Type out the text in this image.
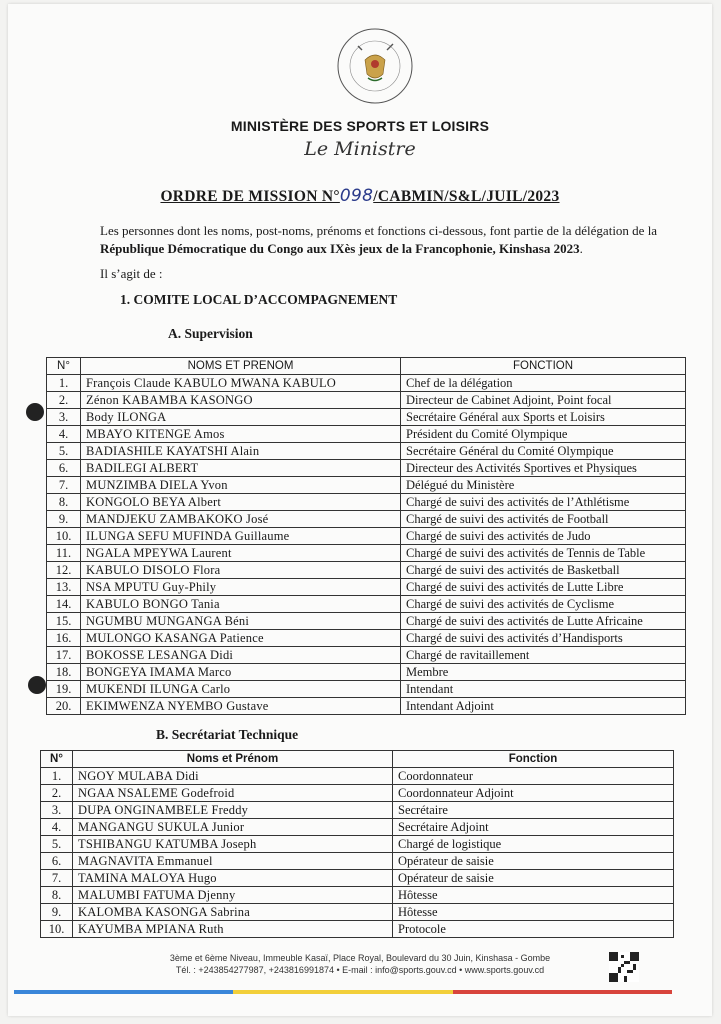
MINISTÈRE DES SPORTS ET LOISIRS
Le Ministre
ORDRE DE MISSION N°098/CABMIN/S&L/JUIL/2023
Les personnes dont les noms, post-noms, prénoms et fonctions ci-dessous, font partie de la délégation de la République Démocratique du Congo aux IXès jeux de la Francophonie, Kinshasa 2023.
Il s’agit de :
1. COMITE LOCAL D’ACCOMPAGNEMENT
A. Supervision
N°	NOMS ET PRENOM	FONCTION
1.	François Claude KABULO MWANA KABULO	Chef de la délégation
2.	Zénon KABAMBA KASONGO	Directeur de Cabinet Adjoint, Point focal
3.	Body ILONGA	Secrétaire Général aux Sports et Loisirs
4.	MBAYO KITENGE Amos	Président du Comité Olympique
5.	BADIASHILE KAYATSHI Alain	Secrétaire Général du Comité Olympique
6.	BADILEGI ALBERT	Directeur des Activités Sportives et Physiques
7.	MUNZIMBA DIELA Yvon	Délégué du Ministère
8.	KONGOLO BEYA Albert	Chargé de suivi des activités de l’Athlétisme
9.	MANDJEKU ZAMBAKOKO José	Chargé de suivi des activités de Football
10.	ILUNGA SEFU MUFINDA Guillaume	Chargé de suivi des activités de Judo
11.	NGALA MPEYWA Laurent	Chargé de suivi des activités de Tennis de Table
12.	KABULO DISOLO Flora	Chargé de suivi des activités de Basketball
13.	NSA MPUTU Guy-Phily	Chargé de suivi des activités de Lutte Libre
14.	KABULO BONGO Tania	Chargé de suivi des activités de Cyclisme
15.	NGUMBU MUNGANGA Béni	Chargé de suivi des activités de Lutte Africaine
16.	MULONGO KASANGA Patience	Chargé de suivi des activités d’Handisports
17.	BOKOSSE LESANGA Didi	Chargé de ravitaillement
18.	BONGEYA IMAMA Marco	Membre
19.	MUKENDI ILUNGA Carlo	Intendant
20.	EKIMWENZA NYEMBO Gustave	Intendant Adjoint
B. Secrétariat Technique
N°	Noms et Prénom	Fonction
1.	NGOY MULABA Didi	Coordonnateur
2.	NGAA NSALEME Godefroid	Coordonnateur Adjoint
3.	DUPA ONGINAMBELE Freddy	Secrétaire
4.	MANGANGU SUKULA Junior	Secrétaire Adjoint
5.	TSHIBANGU KATUMBA Joseph	Chargé de logistique
6.	MAGNAVITA Emmanuel	Opérateur de saisie
7.	TAMINA MALOYA Hugo	Opérateur de saisie
8.	MALUMBI FATUMA Djenny	Hôtesse
9.	KALOMBA KASONGA Sabrina	Hôtesse
10.	KAYUMBA MPIANA Ruth	Protocole
3ème et 6ème Niveau, Immeuble Kasaï, Place Royal, Boulevard du 30 Juin, Kinshasa - Gombe
Tél. : +243854277987, +243816991874 • E-mail : info@sports.gouv.cd • www.sports.gouv.cd
